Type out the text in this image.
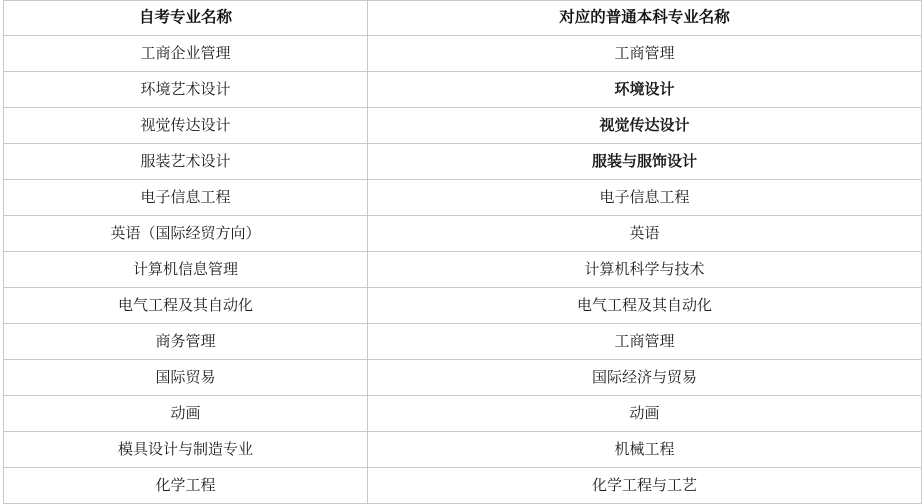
自考专业名称	对应的普通本科专业名称
工商企业管理	工商管理
环境艺术设计	环境设计
视觉传达设计	视觉传达设计
服装艺术设计	服装与服饰设计
电子信息工程	电子信息工程
英语（国际经贸方向）	英语
计算机信息管理	计算机科学与技术
电气工程及其自动化	电气工程及其自动化
商务管理	工商管理
国际贸易	国际经济与贸易
动画	动画
模具设计与制造专业	机械工程
化学工程	化学工程与工艺
